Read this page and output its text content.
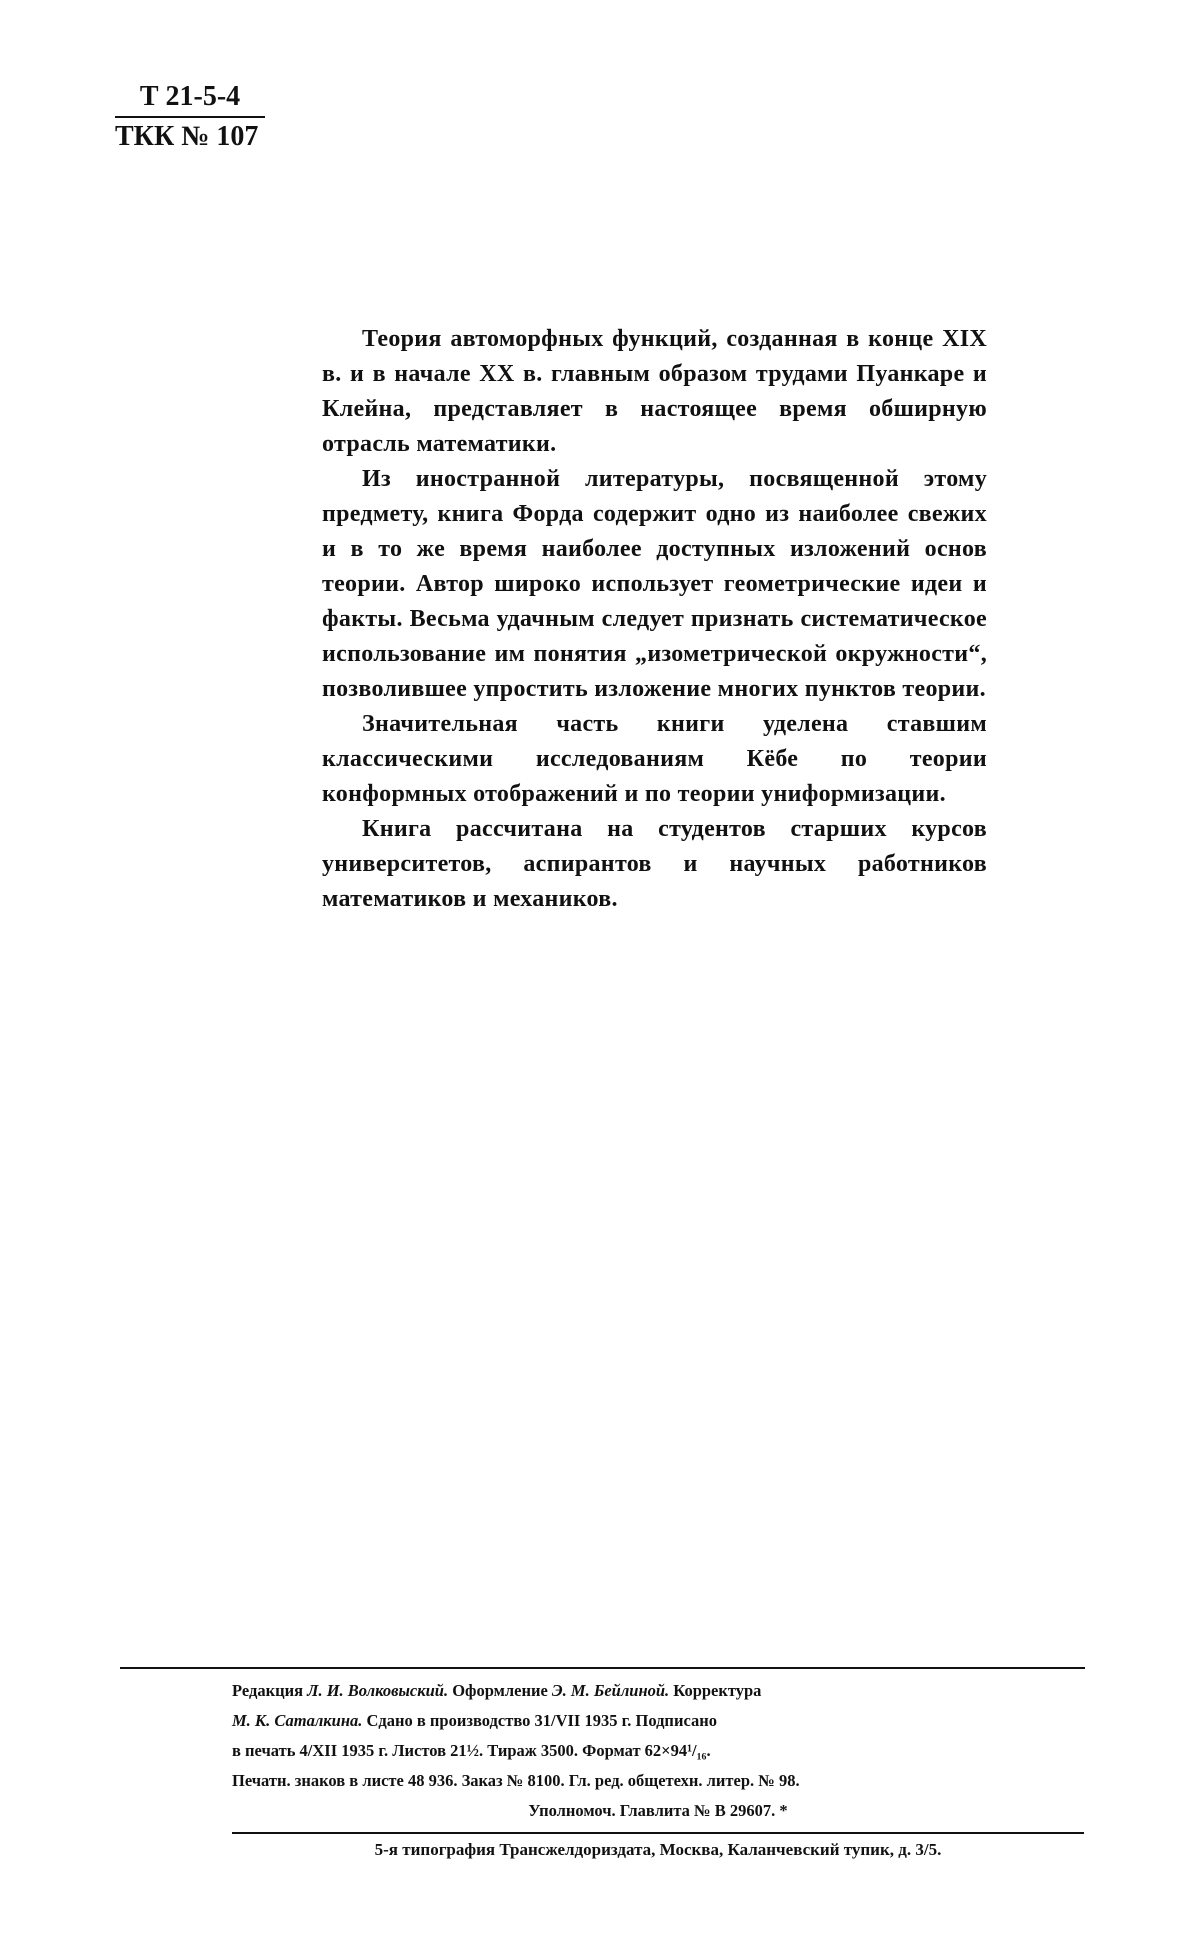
Т 21-5-4
ТКК № 107

Теория автоморфных функций, созданная в конце XIX в. и в начале XX в. главным образом трудами Пуанкаре и Клейна, представляет в настоящее время обширную отрасль математики.

Из иностранной литературы, посвященной этому предмету, книга Форда содержит одно из наиболее свежих и в то же время наиболее доступных изложений основ теории. Автор широко использует геометрические идеи и факты. Весьма удачным следует признать систематическое использование им понятия „изометрической окружности“, позволившее упростить изложение многих пунктов теории.

Значительная часть книги уделена ставшим классическими исследованиям Кёбе по теории конформных отображений и по теории униформизации.

Книга рассчитана на студентов старших курсов университетов, аспирантов и научных работников математиков и механиков.

Редакция Л. И. Волковыский. Оформление Э. М. Бейлиной. Корректура
М. К. Саталкина. Сдано в производство 31/VII 1935 г. Подписано
в печать 4/XII 1935 г. Листов 21½. Тираж 3500. Формат 62×94¹/₁₆.
Печатн. знаков в листе 48 936. Заказ № 8100. Гл. ред. общетехн. литер. № 98.
Уполномоч. Главлита № В 29607. *
5-я типография Трансжелдориздата, Москва, Каланчевский тупик, д. 3/5.
